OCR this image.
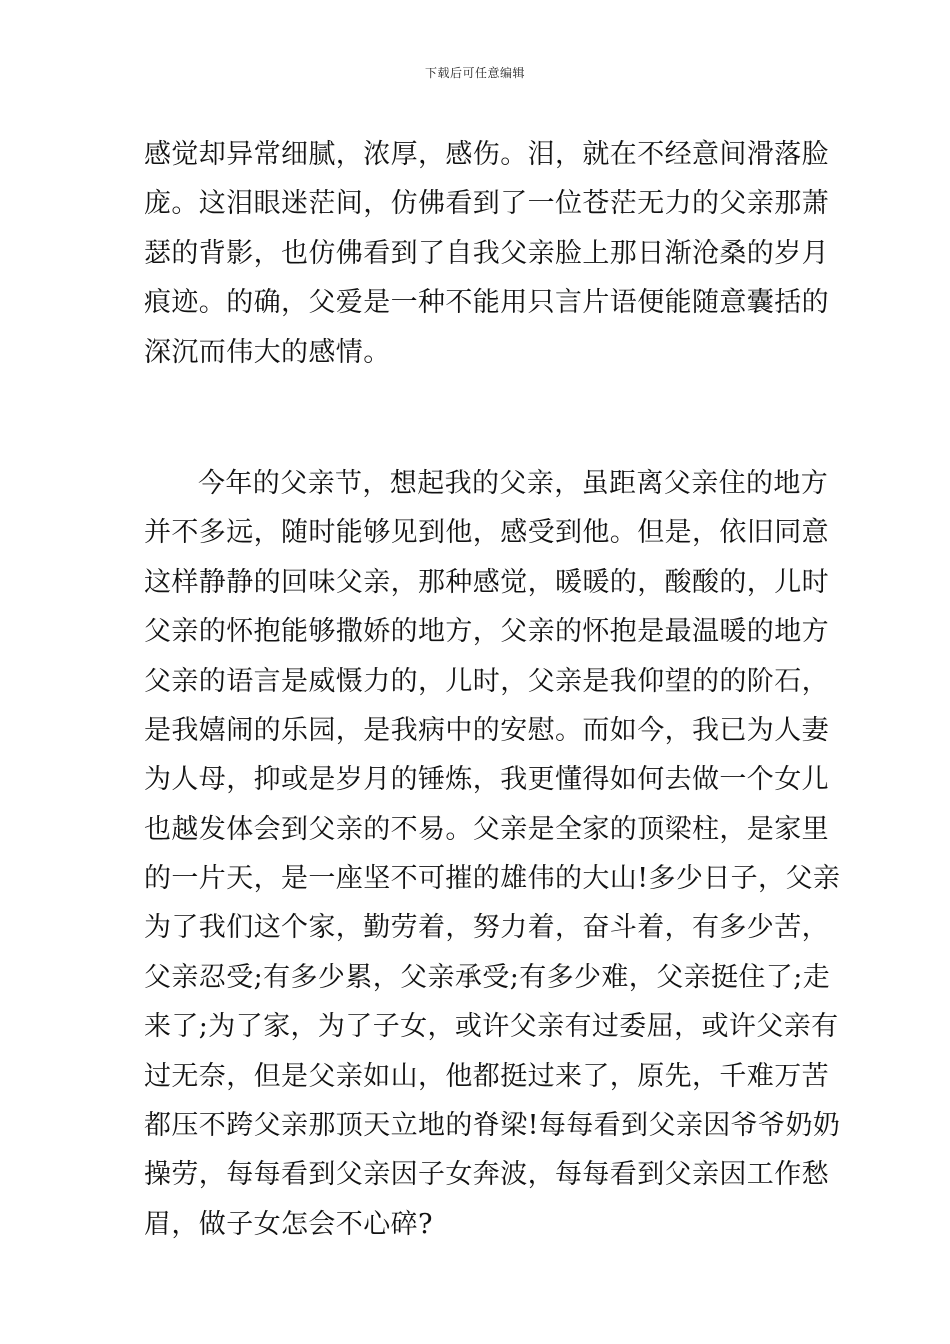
下载后可任意编辑
感觉却异常细腻，浓厚，感伤。泪，就在不经意间滑落脸
庞。这泪眼迷茫间，仿佛看到了一位苍茫无力的父亲那萧
瑟的背影，也仿佛看到了自我父亲脸上那日渐沧桑的岁月
痕迹。的确，父爱是一种不能用只言片语便能随意囊括的
深沉而伟大的感情。
今年的父亲节，想起我的父亲，虽距离父亲住的地方
并不多远，随时能够见到他，感受到他。但是，依旧同意
这样静静的回味父亲，那种感觉，暖暖的，酸酸的，儿时
父亲的怀抱能够撒娇的地方，父亲的怀抱是最温暖的地方
父亲的语言是威慑力的，儿时，父亲是我仰望的的阶石，
是我嬉闹的乐园，是我病中的安慰。而如今，我已为人妻
为人母，抑或是岁月的锤炼，我更懂得如何去做一个女儿
也越发体会到父亲的不易。父亲是全家的顶梁柱，是家里
的一片天，是一座坚不可摧的雄伟的大山!多少日子，父亲
为了我们这个家，勤劳着，努力着，奋斗着，有多少苦，
父亲忍受;有多少累，父亲承受;有多少难，父亲挺住了;走
来了;为了家，为了子女，或许父亲有过委屈，或许父亲有
过无奈，但是父亲如山，他都挺过来了，原先，千难万苦
都压不跨父亲那顶天立地的脊梁!每每看到父亲因爷爷奶奶
操劳，每每看到父亲因子女奔波，每每看到父亲因工作愁
眉，做子女怎会不心碎?
